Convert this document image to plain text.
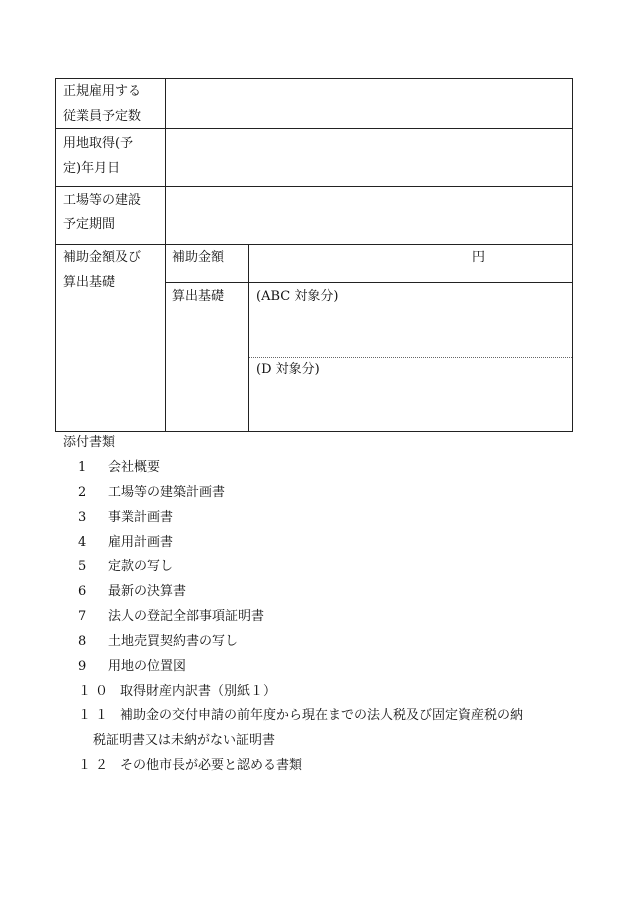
正規雇用する
従業員予定数
用地取得(予
定)年月日
工場等の建設
予定期間
補助金額及び
算出基礎
補助金額	円
算出基礎 (ABC 対象分)
(D 対象分)
添付書類
1 会社概要
2 工場等の建築計画書
3 事業計画書
4 雇用計画書
5 定款の写し
6 最新の決算書
7 法人の登記全部事項証明書
8 土地売買契約書の写し
9 用地の位置図
１０ 取得財産内訳書（別紙１）
１１ 補助金の交付申請の前年度から現在までの法人税及び固定資産税の納
税証明書又は未納がない証明書
１２ その他市長が必要と認める書類
